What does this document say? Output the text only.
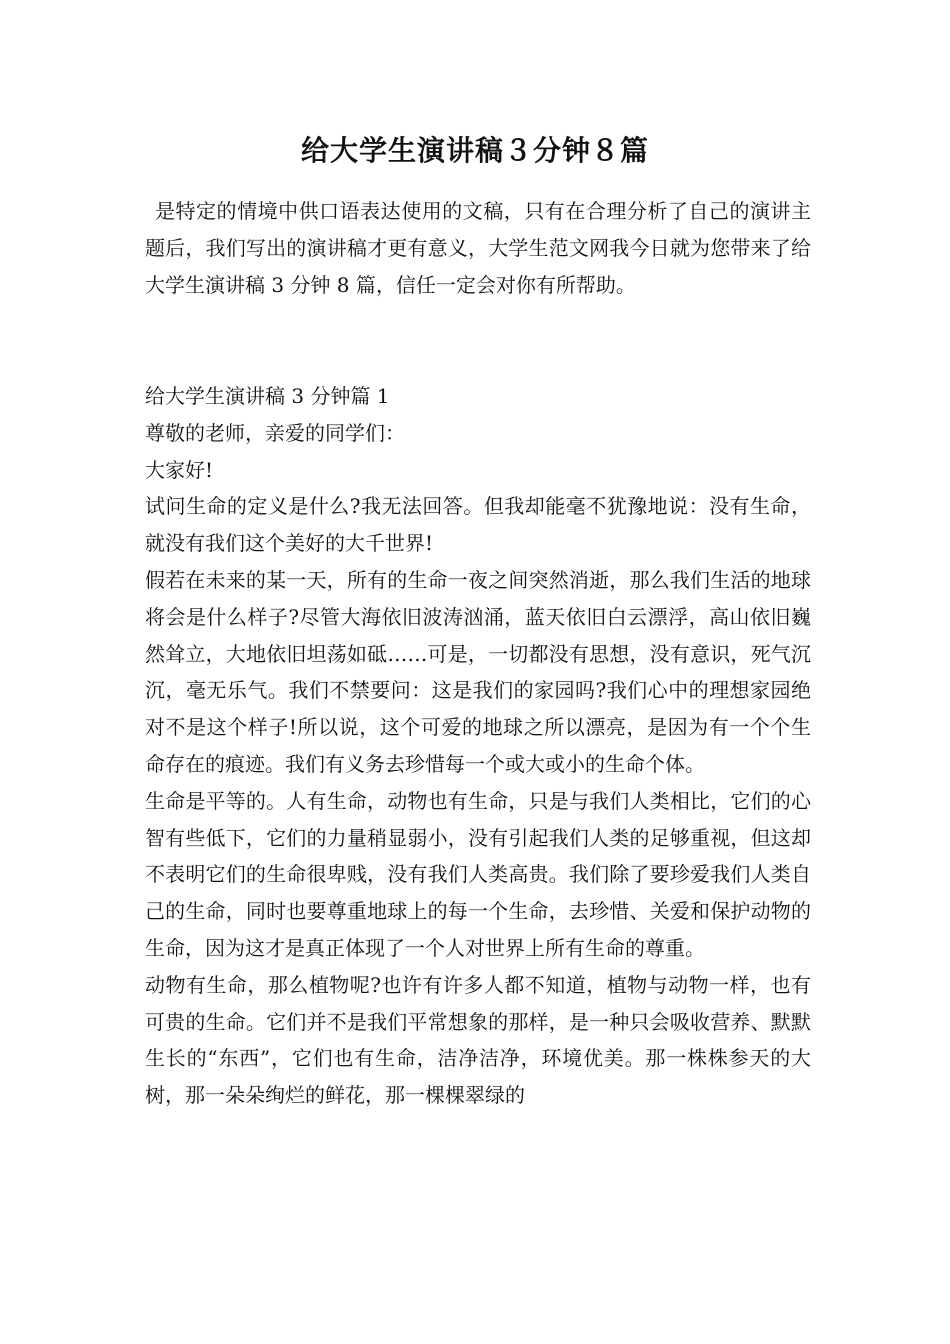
给大学生演讲稿３分钟８篇

是特定的情境中供口语表达使用的文稿，只有在合理分析了自己的演讲主题后，我们写出的演讲稿才更有意义，大学生范文网我今日就为您带来了给大学生演讲稿 3 分钟 8 篇，信任一定会对你有所帮助。

给大学生演讲稿 3 分钟篇 1

尊敬的老师，亲爱的同学们：

大家好!

试问生命的定义是什么?我无法回答。但我却能毫不犹豫地说：没有生命，就没有我们这个美好的大千世界!

假若在未来的某一天，所有的生命一夜之间突然消逝，那么我们生活的地球将会是什么样子?尽管大海依旧波涛汹涌，蓝天依旧白云漂浮，高山依旧巍然耸立，大地依旧坦荡如砥……可是，一切都没有思想，没有意识，死气沉沉，毫无乐气。我们不禁要问：这是我们的家园吗?我们心中的理想家园绝对不是这个样子!所以说，这个可爱的地球之所以漂亮，是因为有一个个生命存在的痕迹。我们有义务去珍惜每一个或大或小的生命个体。

生命是平等的。人有生命，动物也有生命，只是与我们人类相比，它们的心智有些低下，它们的力量稍显弱小，没有引起我们人类的足够重视，但这却不表明它们的生命很卑贱，没有我们人类高贵。我们除了要珍爱我们人类自己的生命，同时也要尊重地球上的每一个生命，去珍惜、关爱和保护动物的生命，因为这才是真正体现了一个人对世界上所有生命的尊重。

动物有生命，那么植物呢?也许有许多人都不知道，植物与动物一样，也有可贵的生命。它们并不是我们平常想象的那样，是一种只会吸收营养、默默生长的“东西”，它们也有生命，洁净洁净，环境优美。那一株株参天的大树，那一朵朵绚烂的鲜花，那一棵棵翠绿的
